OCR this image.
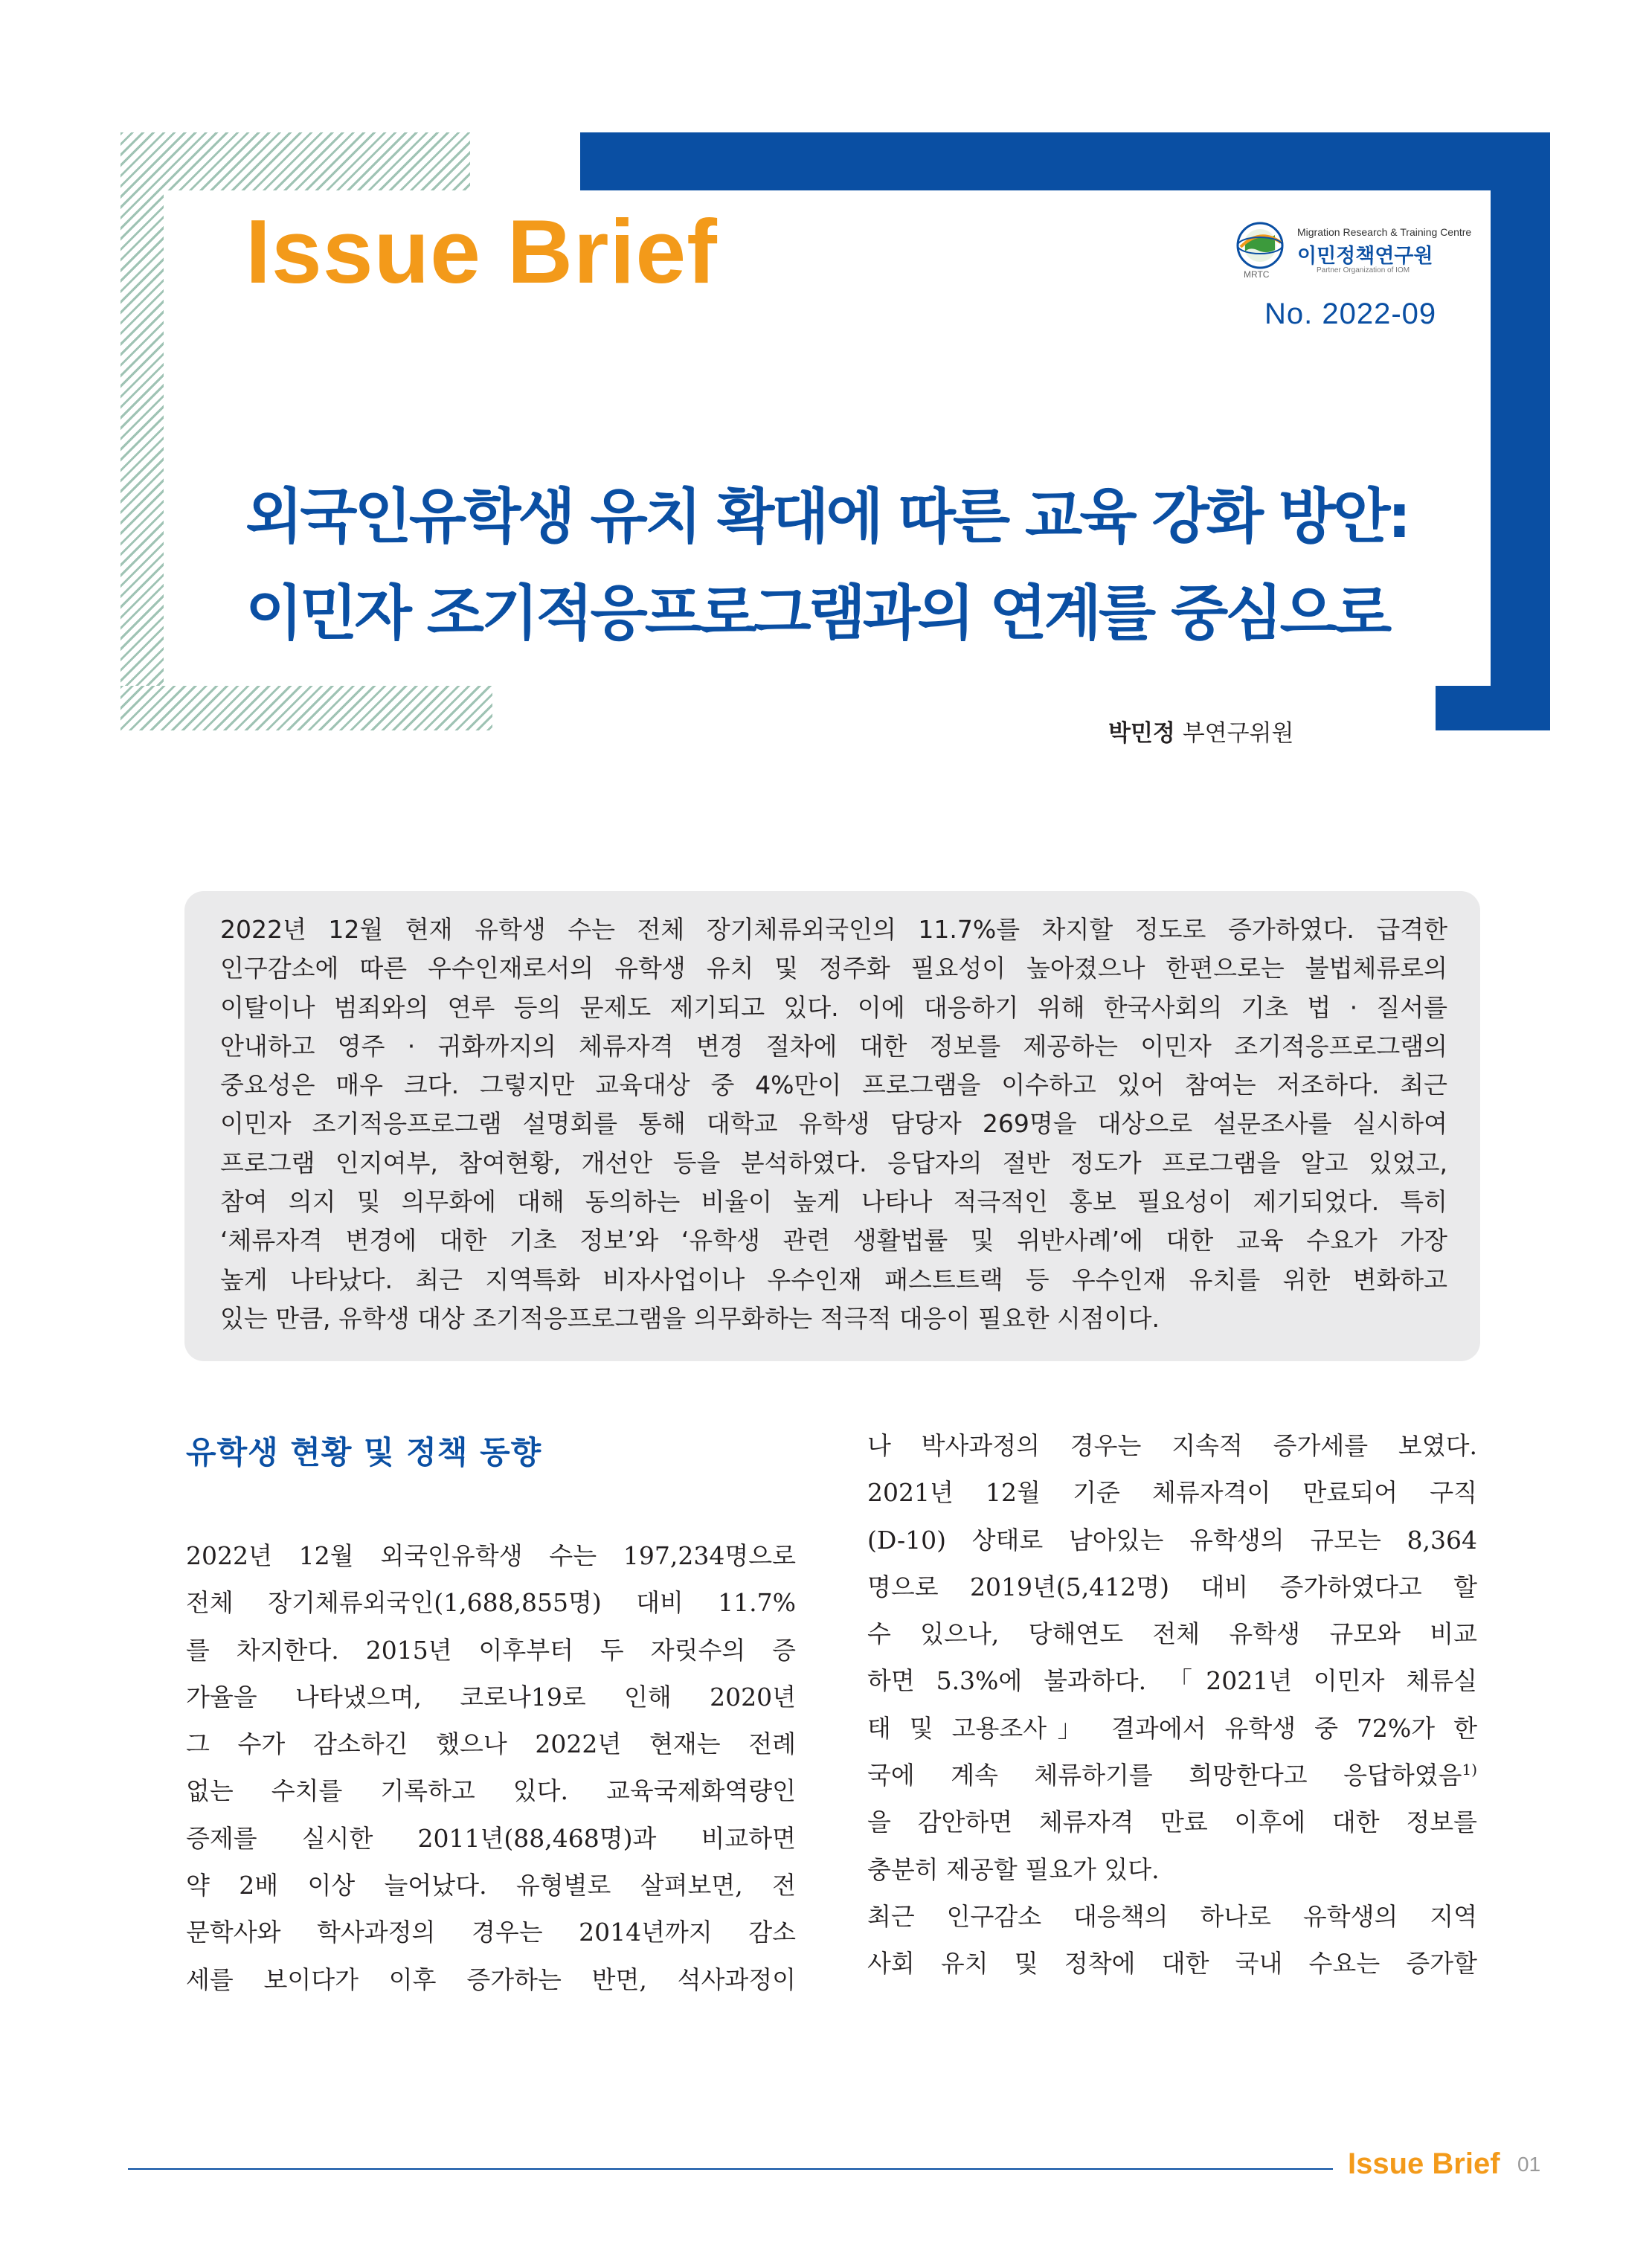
Issue Brief	MRTC
Migration Research & Training Centre
이민정책연구원
Partner Organization of IOM
No. 2022-09
외국인유학생 유치 확대에 따른 교육 강화 방안:
이민자 조기적응프로그램과의 연계를 중심으로
박민정 부연구위원
2022년 12월 현재 유학생 수는 전체 장기체류외국인의 11.7%를 차지할 정도로 증가하였다. 급격한
인구감소에 따른 우수인재로서의 유학생 유치 및 정주화 필요성이 높아졌으나 한편으로는 불법체류로의
이탈이나 범죄와의 연루 등의 문제도 제기되고 있다. 이에 대응하기 위해 한국사회의 기초 법 · 질서를
안내하고 영주 · 귀화까지의 체류자격 변경 절차에 대한 정보를 제공하는 이민자 조기적응프로그램의
중요성은 매우 크다. 그렇지만 교육대상 중 4%만이 프로그램을 이수하고 있어 참여는 저조하다. 최근
이민자 조기적응프로그램 설명회를 통해 대학교 유학생 담당자 269명을 대상으로 설문조사를 실시하여
프로그램 인지여부, 참여현황, 개선안 등을 분석하였다. 응답자의 절반 정도가 프로그램을 알고 있었고,
참여 의지 및 의무화에 대해 동의하는 비율이 높게 나타나 적극적인 홍보 필요성이 제기되었다. 특히
‘체류자격 변경에 대한 기초 정보’와 ‘유학생 관련 생활법률 및 위반사례’에 대한 교육 수요가 가장
높게 나타났다. 최근 지역특화 비자사업이나 우수인재 패스트트랙 등 우수인재 유치를 위한 변화하고
있는 만큼, 유학생 대상 조기적응프로그램을 의무화하는 적극적 대응이 필요한 시점이다.
유학생 현황 및 정책 동향
2022년 12월 외국인유학생 수는 197,234명으로
전체 장기체류외국인(1,688,855명) 대비 11.7%
를 차지한다. 2015년 이후부터 두 자릿수의 증
가율을 나타냈으며, 코로나19로 인해 2020년
그 수가 감소하긴 했으나 2022년 현재는 전례
없는 수치를 기록하고 있다. 교육국제화역량인
증제를 실시한 2011년(88,468명)과 비교하면
약 2배 이상 늘어났다. 유형별로 살펴보면, 전
문학사와 학사과정의 경우는 2014년까지 감소
세를 보이다가 이후 증가하는 반면, 석사과정이
나 박사과정의 경우는 지속적 증가세를 보였다.
2021년 12월 기준 체류자격이 만료되어 구직
(D-10) 상태로 남아있는 유학생의 규모는 8,364
명으로 2019년(5,412명) 대비 증가하였다고 할
수 있으나, 당해연도 전체 유학생 규모와 비교
하면 5.3%에 불과하다. 「2021년 이민자 체류실
태 및 고용조사」 결과에서 유학생 중 72%가 한
국에 계속 체류하기를 희망한다고 응답하였음$^{1)}$
을 감안하면 체류자격 만료 이후에 대한 정보를
충분히 제공할 필요가 있다.
최근 인구감소 대응책의 하나로 유학생의 지역
사회 유치 및 정착에 대한 국내 수요는 증가할
Issue Brief 01
